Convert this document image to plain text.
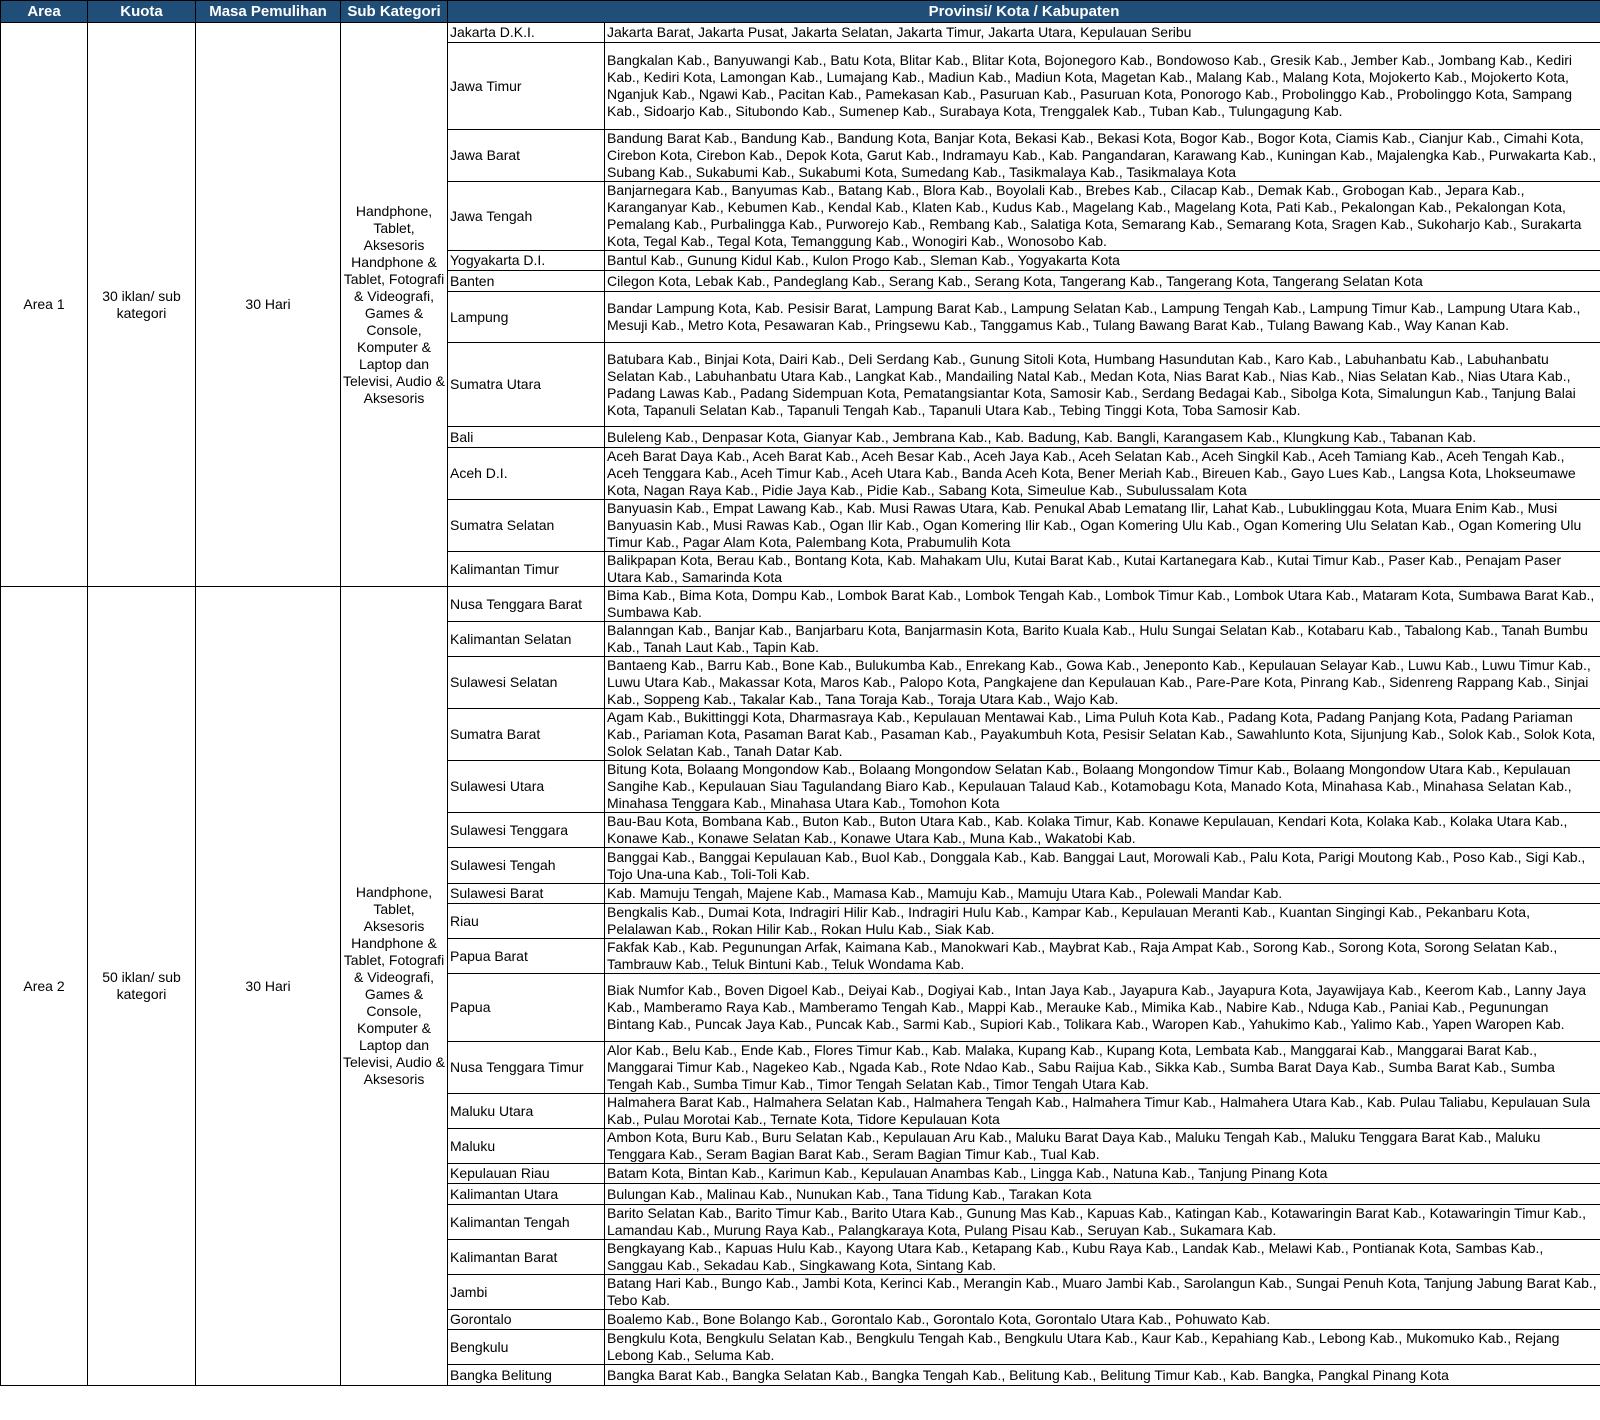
Area	Kuota	Masa Pemulihan	Sub Kategori	Provinsi/ Kota / Kabupaten	
Area 1	30 iklan/ sub kategori	30 Hari	Handphone, Tablet, Aksesoris Handphone & Tablet, Fotografi & Videografi, Games & Console, Komputer & Laptop dan Televisi, Audio & Aksesoris	Jakarta D.K.I.	Jakarta Barat, Jakarta Pusat, Jakarta Selatan, Jakarta Timur, Jakarta Utara, Kepulauan Seribu
				Jawa Timur	Bangkalan Kab., Banyuwangi Kab., Batu Kota, Blitar Kab., Blitar Kota, Bojonegoro Kab., Bondowoso Kab., Gresik Kab., Jember Kab., Jombang Kab., Kediri Kab., Kediri Kota, Lamongan Kab., Lumajang Kab., Madiun Kab., Madiun Kota, Magetan Kab., Malang Kab., Malang Kota, Mojokerto Kab., Mojokerto Kota, Nganjuk Kab., Ngawi Kab., Pacitan Kab., Pamekasan Kab., Pasuruan Kab., Pasuruan Kota, Ponorogo Kab., Probolinggo Kab., Probolinggo Kota, Sampang Kab., Sidoarjo Kab., Situbondo Kab., Sumenep Kab., Surabaya Kota, Trenggalek Kab., Tuban Kab., Tulungagung Kab.
				Jawa Barat	Bandung Barat Kab., Bandung Kab., Bandung Kota, Banjar Kota, Bekasi Kab., Bekasi Kota, Bogor Kab., Bogor Kota, Ciamis Kab., Cianjur Kab., Cimahi Kota, Cirebon Kota, Cirebon Kab., Depok Kota, Garut Kab., Indramayu Kab., Kab. Pangandaran, Karawang Kab., Kuningan Kab., Majalengka Kab., Purwakarta Kab., Subang Kab., Sukabumi Kab., Sukabumi Kota, Sumedang Kab., Tasikmalaya Kab., Tasikmalaya Kota
				Jawa Tengah	Banjarnegara Kab., Banyumas Kab., Batang Kab., Blora Kab., Boyolali Kab., Brebes Kab., Cilacap Kab., Demak Kab., Grobogan Kab., Jepara Kab., Karanganyar Kab., Kebumen Kab., Kendal Kab., Klaten Kab., Kudus Kab., Magelang Kab., Magelang Kota, Pati Kab., Pekalongan Kab., Pekalongan Kota, Pemalang Kab., Purbalingga Kab., Purworejo Kab., Rembang Kab., Salatiga Kota, Semarang Kab., Semarang Kota, Sragen Kab., Sukoharjo Kab., Surakarta Kota, Tegal Kab., Tegal Kota, Temanggung Kab., Wonogiri Kab., Wonosobo Kab.
				Yogyakarta D.I.	Bantul Kab., Gunung Kidul Kab., Kulon Progo Kab., Sleman Kab., Yogyakarta Kota
				Banten	Cilegon Kota, Lebak Kab., Pandeglang Kab., Serang Kab., Serang Kota, Tangerang Kab., Tangerang Kota, Tangerang Selatan Kota
				Lampung	Bandar Lampung Kota, Kab. Pesisir Barat, Lampung Barat Kab., Lampung Selatan Kab., Lampung Tengah Kab., Lampung Timur Kab., Lampung Utara Kab., Mesuji Kab., Metro Kota, Pesawaran Kab., Pringsewu Kab., Tanggamus Kab., Tulang Bawang Barat Kab., Tulang Bawang Kab., Way Kanan Kab.
				Sumatra Utara	Batubara Kab., Binjai Kota, Dairi Kab., Deli Serdang Kab., Gunung Sitoli Kota, Humbang Hasundutan Kab., Karo Kab., Labuhanbatu Kab., Labuhanbatu Selatan Kab., Labuhanbatu Utara Kab., Langkat Kab., Mandailing Natal Kab., Medan Kota, Nias Barat Kab., Nias Kab., Nias Selatan Kab., Nias Utara Kab., Padang Lawas Kab., Padang Sidempuan Kota, Pematangsiantar Kota, Samosir Kab., Serdang Bedagai Kab., Sibolga Kota, Simalungun Kab., Tanjung Balai Kota, Tapanuli Selatan Kab., Tapanuli Tengah Kab., Tapanuli Utara Kab., Tebing Tinggi Kota, Toba Samosir Kab.
				Bali	Buleleng Kab., Denpasar Kota, Gianyar Kab., Jembrana Kab., Kab. Badung, Kab. Bangli, Karangasem Kab., Klungkung Kab., Tabanan Kab.
				Aceh D.I.	Aceh Barat Daya Kab., Aceh Barat Kab., Aceh Besar Kab., Aceh Jaya Kab., Aceh Selatan Kab., Aceh Singkil Kab., Aceh Tamiang Kab., Aceh Tengah Kab., Aceh Tenggara Kab., Aceh Timur Kab., Aceh Utara Kab., Banda Aceh Kota, Bener Meriah Kab., Bireuen Kab., Gayo Lues Kab., Langsa Kota, Lhokseumawe Kota, Nagan Raya Kab., Pidie Jaya Kab., Pidie Kab., Sabang Kota, Simeulue Kab., Subulussalam Kota
				Sumatra Selatan	Banyuasin Kab., Empat Lawang Kab., Kab. Musi Rawas Utara, Kab. Penukal Abab Lematang Ilir, Lahat Kab., Lubuklinggau Kota, Muara Enim Kab., Musi Banyuasin Kab., Musi Rawas Kab., Ogan Ilir Kab., Ogan Komering Ilir Kab., Ogan Komering Ulu Kab., Ogan Komering Ulu Selatan Kab., Ogan Komering Ulu Timur Kab., Pagar Alam Kota, Palembang Kota, Prabumulih Kota
				Kalimantan Timur	Balikpapan Kota, Berau Kab., Bontang Kota, Kab. Mahakam Ulu, Kutai Barat Kab., Kutai Kartanegara Kab., Kutai Timur Kab., Paser Kab., Penajam Paser Utara Kab., Samarinda Kota
Area 2	50 iklan/ sub kategori	30 Hari	Handphone, Tablet, Aksesoris Handphone & Tablet, Fotografi & Videografi, Games & Console, Komputer & Laptop dan Televisi, Audio & Aksesoris	Nusa Tenggara Barat	Bima Kab., Bima Kota, Dompu Kab., Lombok Barat Kab., Lombok Tengah Kab., Lombok Timur Kab., Lombok Utara Kab., Mataram Kota, Sumbawa Barat Kab., Sumbawa Kab.
				Kalimantan Selatan	Balanngan Kab., Banjar Kab., Banjarbaru Kota, Banjarmasin Kota, Barito Kuala Kab., Hulu Sungai Selatan Kab., Kotabaru Kab., Tabalong Kab., Tanah Bumbu Kab., Tanah Laut Kab., Tapin Kab.
				Sulawesi Selatan	Bantaeng Kab., Barru Kab., Bone Kab., Bulukumba Kab., Enrekang Kab., Gowa Kab., Jeneponto Kab., Kepulauan Selayar Kab., Luwu Kab., Luwu Timur Kab., Luwu Utara Kab., Makassar Kota, Maros Kab., Palopo Kota, Pangkajene dan Kepulauan Kab., Pare-Pare Kota, Pinrang Kab., Sidenreng Rappang Kab., Sinjai Kab., Soppeng Kab., Takalar Kab., Tana Toraja Kab., Toraja Utara Kab., Wajo Kab.
				Sumatra Barat	Agam Kab., Bukittinggi Kota, Dharmasraya Kab., Kepulauan Mentawai Kab., Lima Puluh Kota Kab., Padang Kota, Padang Panjang Kota, Padang Pariaman Kab., Pariaman Kota, Pasaman Barat Kab., Pasaman Kab., Payakumbuh Kota, Pesisir Selatan Kab., Sawahlunto Kota, Sijunjung Kab., Solok Kab., Solok Kota, Solok Selatan Kab., Tanah Datar Kab.
				Sulawesi Utara	Bitung Kota, Bolaang Mongondow Kab., Bolaang Mongondow Selatan Kab., Bolaang Mongondow Timur Kab., Bolaang Mongondow Utara Kab., Kepulauan Sangihe Kab., Kepulauan Siau Tagulandang Biaro Kab., Kepulauan Talaud Kab., Kotamobagu Kota, Manado Kota, Minahasa Kab., Minahasa Selatan Kab., Minahasa Tenggara Kab., Minahasa Utara Kab., Tomohon Kota
				Sulawesi Tenggara	Bau-Bau Kota, Bombana Kab., Buton Kab., Buton Utara Kab., Kab. Kolaka Timur, Kab. Konawe Kepulauan, Kendari Kota, Kolaka Kab., Kolaka Utara Kab., Konawe Kab., Konawe Selatan Kab., Konawe Utara Kab., Muna Kab., Wakatobi Kab.
				Sulawesi Tengah	Banggai Kab., Banggai Kepulauan Kab., Buol Kab., Donggala Kab., Kab. Banggai Laut, Morowali Kab., Palu Kota, Parigi Moutong Kab., Poso Kab., Sigi Kab., Tojo Una-una Kab., Toli-Toli Kab.
				Sulawesi Barat	Kab. Mamuju Tengah, Majene Kab., Mamasa Kab., Mamuju Kab., Mamuju Utara Kab., Polewali Mandar Kab.
				Riau	Bengkalis Kab., Dumai Kota, Indragiri Hilir Kab., Indragiri Hulu Kab., Kampar Kab., Kepulauan Meranti Kab., Kuantan Singingi Kab., Pekanbaru Kota, Pelalawan Kab., Rokan Hilir Kab., Rokan Hulu Kab., Siak Kab.
				Papua Barat	Fakfak Kab., Kab. Pegunungan Arfak, Kaimana Kab., Manokwari Kab., Maybrat Kab., Raja Ampat Kab., Sorong Kab., Sorong Kota, Sorong Selatan Kab., Tambrauw Kab., Teluk Bintuni Kab., Teluk Wondama Kab.
				Papua	Biak Numfor Kab., Boven Digoel Kab., Deiyai Kab., Dogiyai Kab., Intan Jaya Kab., Jayapura Kab., Jayapura Kota, Jayawijaya Kab., Keerom Kab., Lanny Jaya Kab., Mamberamo Raya Kab., Mamberamo Tengah Kab., Mappi Kab., Merauke Kab., Mimika Kab., Nabire Kab., Nduga Kab., Paniai Kab., Pegunungan Bintang Kab., Puncak Jaya Kab., Puncak Kab., Sarmi Kab., Supiori Kab., Tolikara Kab., Waropen Kab., Yahukimo Kab., Yalimo Kab., Yapen Waropen Kab.
				Nusa Tenggara Timur	Alor Kab., Belu Kab., Ende Kab., Flores Timur Kab., Kab. Malaka, Kupang Kab., Kupang Kota, Lembata Kab., Manggarai Kab., Manggarai Barat Kab., Manggarai Timur Kab., Nagekeo Kab., Ngada Kab., Rote Ndao Kab., Sabu Raijua Kab., Sikka Kab., Sumba Barat Daya Kab., Sumba Barat Kab., Sumba Tengah Kab., Sumba Timur Kab., Timor Tengah Selatan Kab., Timor Tengah Utara Kab.
				Maluku Utara	Halmahera Barat Kab., Halmahera Selatan Kab., Halmahera Tengah Kab., Halmahera Timur Kab., Halmahera Utara Kab., Kab. Pulau Taliabu, Kepulauan Sula Kab., Pulau Morotai Kab., Ternate Kota, Tidore Kepulauan Kota
				Maluku	Ambon Kota, Buru Kab., Buru Selatan Kab., Kepulauan Aru Kab., Maluku Barat Daya Kab., Maluku Tengah Kab., Maluku Tenggara Barat Kab., Maluku Tenggara Kab., Seram Bagian Barat Kab., Seram Bagian Timur Kab., Tual Kab.
				Kepulauan Riau	Batam Kota, Bintan Kab., Karimun Kab., Kepulauan Anambas Kab., Lingga Kab., Natuna Kab., Tanjung Pinang Kota
				Kalimantan Utara	Bulungan Kab., Malinau Kab., Nunukan Kab., Tana Tidung Kab., Tarakan Kota
				Kalimantan Tengah	Barito Selatan Kab., Barito Timur Kab., Barito Utara Kab., Gunung Mas Kab., Kapuas Kab., Katingan Kab., Kotawaringin Barat Kab., Kotawaringin Timur Kab., Lamandau Kab., Murung Raya Kab., Palangkaraya Kota, Pulang Pisau Kab., Seruyan Kab., Sukamara Kab.
				Kalimantan Barat	Bengkayang Kab., Kapuas Hulu Kab., Kayong Utara Kab., Ketapang Kab., Kubu Raya Kab., Landak Kab., Melawi Kab., Pontianak Kota, Sambas Kab., Sanggau Kab., Sekadau Kab., Singkawang Kota, Sintang Kab.
				Jambi	Batang Hari Kab., Bungo Kab., Jambi Kota, Kerinci Kab., Merangin Kab., Muaro Jambi Kab., Sarolangun Kab., Sungai Penuh Kota, Tanjung Jabung Barat Kab., Tebo Kab.
				Gorontalo	Boalemo Kab., Bone Bolango Kab., Gorontalo Kab., Gorontalo Kota, Gorontalo Utara Kab., Pohuwato Kab.
				Bengkulu	Bengkulu Kota, Bengkulu Selatan Kab., Bengkulu Tengah Kab., Bengkulu Utara Kab., Kaur Kab., Kepahiang Kab., Lebong Kab., Mukomuko Kab., Rejang Lebong Kab., Seluma Kab.
				Bangka Belitung	Bangka Barat Kab., Bangka Selatan Kab., Bangka Tengah Kab., Belitung Kab., Belitung Timur Kab., Kab. Bangka, Pangkal Pinang Kota
